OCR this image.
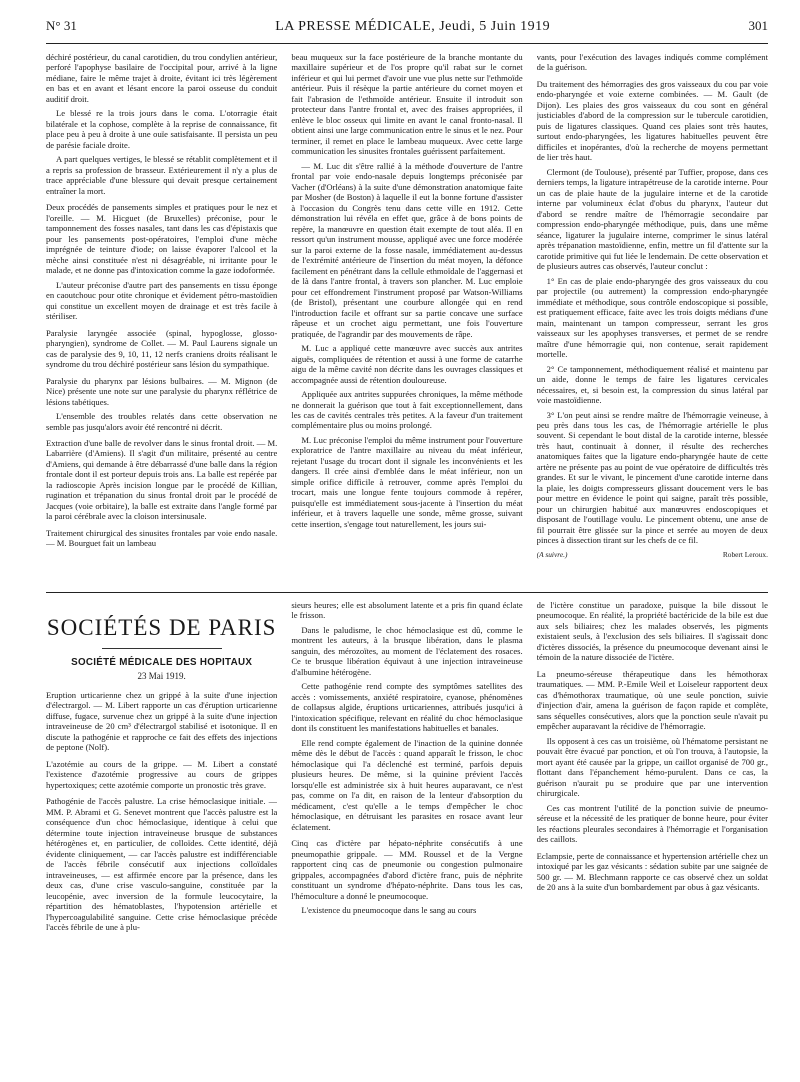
N° 31	LA PRESSE MÉDICALE, Jeudi, 5 Juin 1919	301

déchiré postérieur, du canal carotidien, du trou condylien antérieur, perforé l'apophyse basilaire de l'occipital pour, arrivé à la ligne médiane, faire le même trajet à droite, évitant ici très légèrement en bas et en avant et lésant encore la paroi osseuse du conduit auditif droit.

Le blessé re la trois jours dans le coma. L'otorragie était bilatérale et la cophose, complète à la reprise de connaissance, fit place peu à peu à droite à une ouïe satisfaisante. Il persista un peu de parésie faciale droite.

A part quelques vertiges, le blessé se rétablit complètement et il a repris sa profession de brasseur. Extérieurement il n'y a plus de trace appréciable d'une blessure qui devait presque certainement entraîner la mort.

Deux procédés de pansements simples et pratiques pour le nez et l'oreille. — M. Hicguet (de Bruxelles) préconise, pour le tamponnement des fosses nasales, tant dans les cas d'épistaxis que pour les pansements post-opératoires, l'emploi d'une mèche imprégnée de teinture d'iode; on laisse évaporer l'alcool et la mèche ainsi constituée n'est ni désagréable, ni irritante pour le malade, et ne donne pas d'intoxication comme la gaze iodoformée.

L'auteur préconise d'autre part des pansements en tissu éponge en caoutchouc pour otite chronique et évidement pétro-mastoïdien qui constitue un excellent moyen de drainage et est très facile à stériliser.

Paralysie laryngée associée (spinal, hypoglosse, glosso-pharyngien), syndrome de Collet. — M. Paul Laurens signale un cas de paralysie des 9, 10, 11, 12 nerfs craniens droits réalisant le syndrome du trou déchiré postérieur sans lésion du sympathique.

Paralysie du pharynx par lésions bulbaires. — M. Mignon (de Nice) présente une note sur une paralysie du pharynx réflétrice de lésions tabétiques.

L'ensemble des troubles relatés dans cette observation ne semble pas jusqu'alors avoir été rencontré ni décrit.

Extraction d'une balle de revolver dans le sinus frontal droit. — M. Labarrière (d'Amiens). Il s'agit d'un militaire, présenté au centre d'Amiens, qui demande à être débarrassé d'une balle dans la région frontale dont il est porteur depuis trois ans. La balle est repérée par la radioscopie Après incision longue par le procédé de Killian, rugination et trépanation du sinus frontal droit par le procédé de Jacques (voie orbitaire), la balle est extraite dans l'angle formé par la paroi cérébrale avec la cloison intersinusale.

Traitement chirurgical des sinusites frontales par voie endo nasale. — M. Bourguet fait un lambeau

beau muqueux sur la face postérieure de la branche montante du maxillaire supérieur et de l'os propre qu'il rabat sur le cornet inférieur et qui lui permet d'avoir une vue plus nette sur l'ethmoïde antérieur. Puis il résèque la partie antérieure du cornet moyen et fait l'abrasion de l'ethmoïde antérieur. Ensuite il introduit son protecteur dans l'antre frontal et, avec des fraises appropriées, il enlève le bloc osseux qui limite en avant le canal fronto-nasal. Il obtient ainsi une large communication entre le sinus et le nez. Pour terminer, il remet en place le lambeau muqueux. Avec cette large communication les sinusites frontales guérissent parfaitement.

— M. Luc dit s'être rallié à la méthode d'ouverture de l'antre frontal par voie endo-nasale depuis longtemps préconisée par Vacher (d'Orléans) à la suite d'une démonstration anatomique faite par Mosher (de Boston) à laquelle il eut la bonne fortune d'assister à l'occasion du Congrès tenu dans cette ville en 1912. Cette démonstration lui révéla en effet que, grâce à de bons points de repère, la manœuvre en question était exempte de tout aléa. Il en ressort qu'un instrument mousse, appliqué avec une force modérée sur la paroi externe de la fosse nasale, immédiatement au-dessus de l'extrémité antérieure de l'insertion du méat moyen, la défonce facilement en pénétrant dans la cellule ethmoïdale de l'aggernasi et de là dans l'antre frontal, à travers son plancher. M. Luc emploie pour cet effondrement l'instrument proposé par Watson-Williams (de Bristol), présentant une courbure allongée qui en rend l'introduction facile et offrant sur sa partie concave une surface râpeuse et un crochet aigu permettant, une fois l'ouverture pratiquée, de l'agrandir par des mouvements de râpe.

M. Luc a appliqué cette manœuvre avec succès aux antrites aiguës, compliquées de rétention et aussi à une forme de catarrhe aigu de la même cavité non décrite dans les ouvrages classiques et accompagnée aussi de rétention douloureuse.

Appliquée aux antrites suppurées chroniques, la même méthode ne donnerait la guérison que tout à fait exceptionnellement, dans les cas de cavités centrales très petites. A la faveur d'un traitement complémentaire plus ou moins prolongé.

M. Luc préconise l'emploi du même instrument pour l'ouverture exploratrice de l'antre maxillaire au niveau du méat inférieur, rejetant l'usage du trocart dont il signale les inconvénients et les dangers. Il crée ainsi d'emblée dans le méat inférieur, non un simple orifice difficile à retrouver, comme après l'emploi du trocart, mais une longue fente toujours commode à repérer, puisqu'elle est immédiatement sous-jacente à l'insertion du méat inférieur, et à travers laquelle une sonde, même grosse, suivant cette insertion, s'engage tout naturellement, les jours sui-

vants, pour l'exécution des lavages indiqués comme complément de la guérison.

Du traitement des hémorragies des gros vaisseaux du cou par voie endo-pharyngée et voie externe combinées. — M. Gault (de Dijon). Les plaies des gros vaisseaux du cou sont en général justiciables d'abord de la compression sur le tubercule carotidien, puis de ligatures classiques. Quand ces plaies sont très hautes, surtout endo-pharyngées, les ligatures habituelles peuvent être difficiles et inopérantes, d'où la recherche de moyens permettant de lier très haut.

Clermont (de Toulouse), présenté par Tuffier, propose, dans ces derniers temps, la ligature intrapétreuse de la carotide interne. Pour un cas de plaie haute de la jugulaire interne et de la carotide interne par volumineux éclat d'obus du pharynx, l'auteur dut d'abord se rendre maître de l'hémorragie secondaire par compression endo-pharyngée méthodique, puis, dans une même séance, ligaturer la jugulaire interne, comprimer le sinus latéral après trépanation mastoïdienne, enfin, mettre un fil d'attente sur la carotide primitive qui fut liée le lendemain. De cette observation et de plusieurs autres cas observés, l'auteur conclut :

1° En cas de plaie endo-pharyngée des gros vaisseaux du cou par projectile (ou autrement) la compression endo-pharyngée immédiate et méthodique, sous contrôle endoscopique si possible, est pratiquement efficace, faite avec les trois doigts médians d'une main, maintenant un tampon compresseur, serrant les gros vaisseaux sur les apophyses transverses, et permet de se rendre maître d'une hémorragie qui, non contenue, serait rapidement mortelle.

2° Ce tamponnement, méthodiquement réalisé et maintenu par un aide, donne le temps de faire les ligatures cervicales nécessaires, et, si besoin est, la compression du sinus latéral par voie mastoïdienne.

3° L'on peut ainsi se rendre maître de l'hémorragie veineuse, à peu près dans tous les cas, de l'hémorragie artérielle le plus souvent. Si cependant le bout distal de la carotide interne, blessée très haut, continuait à donner, il résulte des recherches anatomiques faites que la ligature endo-pharyngée haute de cette artère ne présente pas au point de vue opératoire de difficultés très grandes. Et sur le vivant, le pincement d'une carotide interne dans la plaie, les doigts compresseurs glissant doucement vers le bas pour mettre en évidence le point qui saigne, paraît très possible, pour un chirurgien habitué aux manœuvres endoscopiques et disposant de l'outillage voulu. Le pincement obtenu, une anse de fil pourrait être glissée sur la pince et serrée au moyen de deux pinces à dissection tirant sur les chefs de ce fil.

(A suivre.)	Robert Leroux.
SOCIÉTÉS DE PARIS
SOCIÉTÉ MÉDICALE DES HOPITAUX
23 Mai 1919.

Eruption urticarienne chez un grippé à la suite d'une injection d'électrargol. — M. Libert rapporte un cas d'éruption urticarienne diffuse, fugace, survenue chez un grippé à la suite d'une injection intraveineuse de 20 cm³ d'électrargol stabilisé et isotonique. Il en discute la pathogénie et rapproche ce fait des effets des injections de peptone (Nolf).

L'azotémie au cours de la grippe. — M. Libert a constaté l'existence d'azotémie progressive au cours de grippes hypertoxiques; cette azotémie comporte un pronostic très grave.

Pathogénie de l'accès palustre. La crise hémoclasique initiale. — MM. P. Abrami et G. Senevet montrent que l'accès palustre est la conséquence d'un choc hémoclasique, identique à celui que détermine toute injection intraveineuse brusque de substances hétérogènes et, en particulier, de colloïdes. Cette identité, déjà évidente cliniquement, — car l'accès palustre est indifférenciable de l'accès fébrile consécutif aux injections colloïdales intraveineuses, — est affirmée encore par la présence, dans les deux cas, d'une crise vasculo-sanguine, constituée par la leucopénie, avec inversion de la formule leucocytaire, la répartition des hématoblastes, l'hypotension artérielle et l'hypercoagulabilité sanguine. Cette crise hémoclasique précède l'accès fébrile de une à plu-

sieurs heures; elle est absolument latente et a pris fin quand éclate le frisson.

Dans le paludisme, le choc hémoclasique est dû, comme le montrent les auteurs, à la brusque libération, dans le plasma sanguin, des mérozoïtes, au moment de l'éclatement des rosaces. Ce te brusque libération équivaut à une injection intraveineuse d'albumine hétérogène.

Cette pathogénie rend compte des symptômes satellites des accès : vomissements, anxiété respiratoire, cyanose, phénomènes de collapsus algide, éruptions urticariennes, attribués jusqu'ici à l'intoxication spécifique, relevant en réalité du choc hémoclasique dont ils constituent les manifestations habituelles et banales.

Elle rend compte également de l'inaction de la quinine donnée même dès le début de l'accès : quand apparaît le frisson, le choc hémoclasique qui l'a déclenché est terminé, parfois depuis plusieurs heures. De même, si la quinine prévient l'accès lorsqu'elle est administrée six à huit heures auparavant, ce n'est pas, comme on l'a dit, en raison de la lenteur d'absorption du médicament, c'est qu'elle a le temps d'empêcher le choc hémoclasique, en détruisant les parasites en rosace avant leur éclatement.

Cinq cas d'ictère par hépato-néphrite consécutifs à une pneumopathie grippale. — MM. Roussel et de la Vergne rapportent cinq cas de pneumonie ou congestion pulmonaire grippales, accompagnées d'abord d'ictère franc, puis de néphrite constituant un syndrome d'hépato-néphrite. Dans tous les cas, l'hémoculture a donné le pneumocoque.

L'existence du pneumocoque dans le sang au cours

de l'ictère constitue un paradoxe, puisque la bile dissout le pneumocoque. En réalité, la propriété bactéricide de la bile est due aux sels biliaires; chez les malades observés, les pigments existaient seuls, à l'exclusion des sels biliaires. Il s'agissait donc d'ictères dissociés, la présence du pneumocoque devenant ainsi le témoin de la nature dissociée de l'ictère.

La pneumo-séreuse thérapeutique dans les hémothorax traumatiques. — MM. P.-Emile Weil et Loiseleur rapportent deux cas d'hémothorax traumatique, où une seule ponction, suivie d'injection d'air, amena la guérison de façon rapide et complète, sans séquelles consécutives, alors que la ponction seule n'avait pu empêcher auparavant la récidive de l'hémorragie.

Ils opposent à ces cas un troisième, où l'hématome persistant ne pouvait être évacué par ponction, et où l'on trouva, à l'autopsie, la mort ayant été causée par la grippe, un caillot organisé de 700 gr., flottant dans l'épanchement hémo-purulent. Dans ce cas, la guérison n'aurait pu se produire que par une intervention chirurgicale.

Ces cas montrent l'utilité de la ponction suivie de pneumo-séreuse et la nécessité de les pratiquer de bonne heure, pour éviter les réactions pleurales secondaires à l'hémorragie et l'organisation des caillots.

Eclampsie, perte de connaissance et hypertension artérielle chez un intoxiqué par les gaz vésicants : sédation subite par une saignée de 500 gr. — M. Blechmann rapporte ce cas observé chez un soldat de 20 ans à la suite d'un bombardement par obus à gaz vésicants.
